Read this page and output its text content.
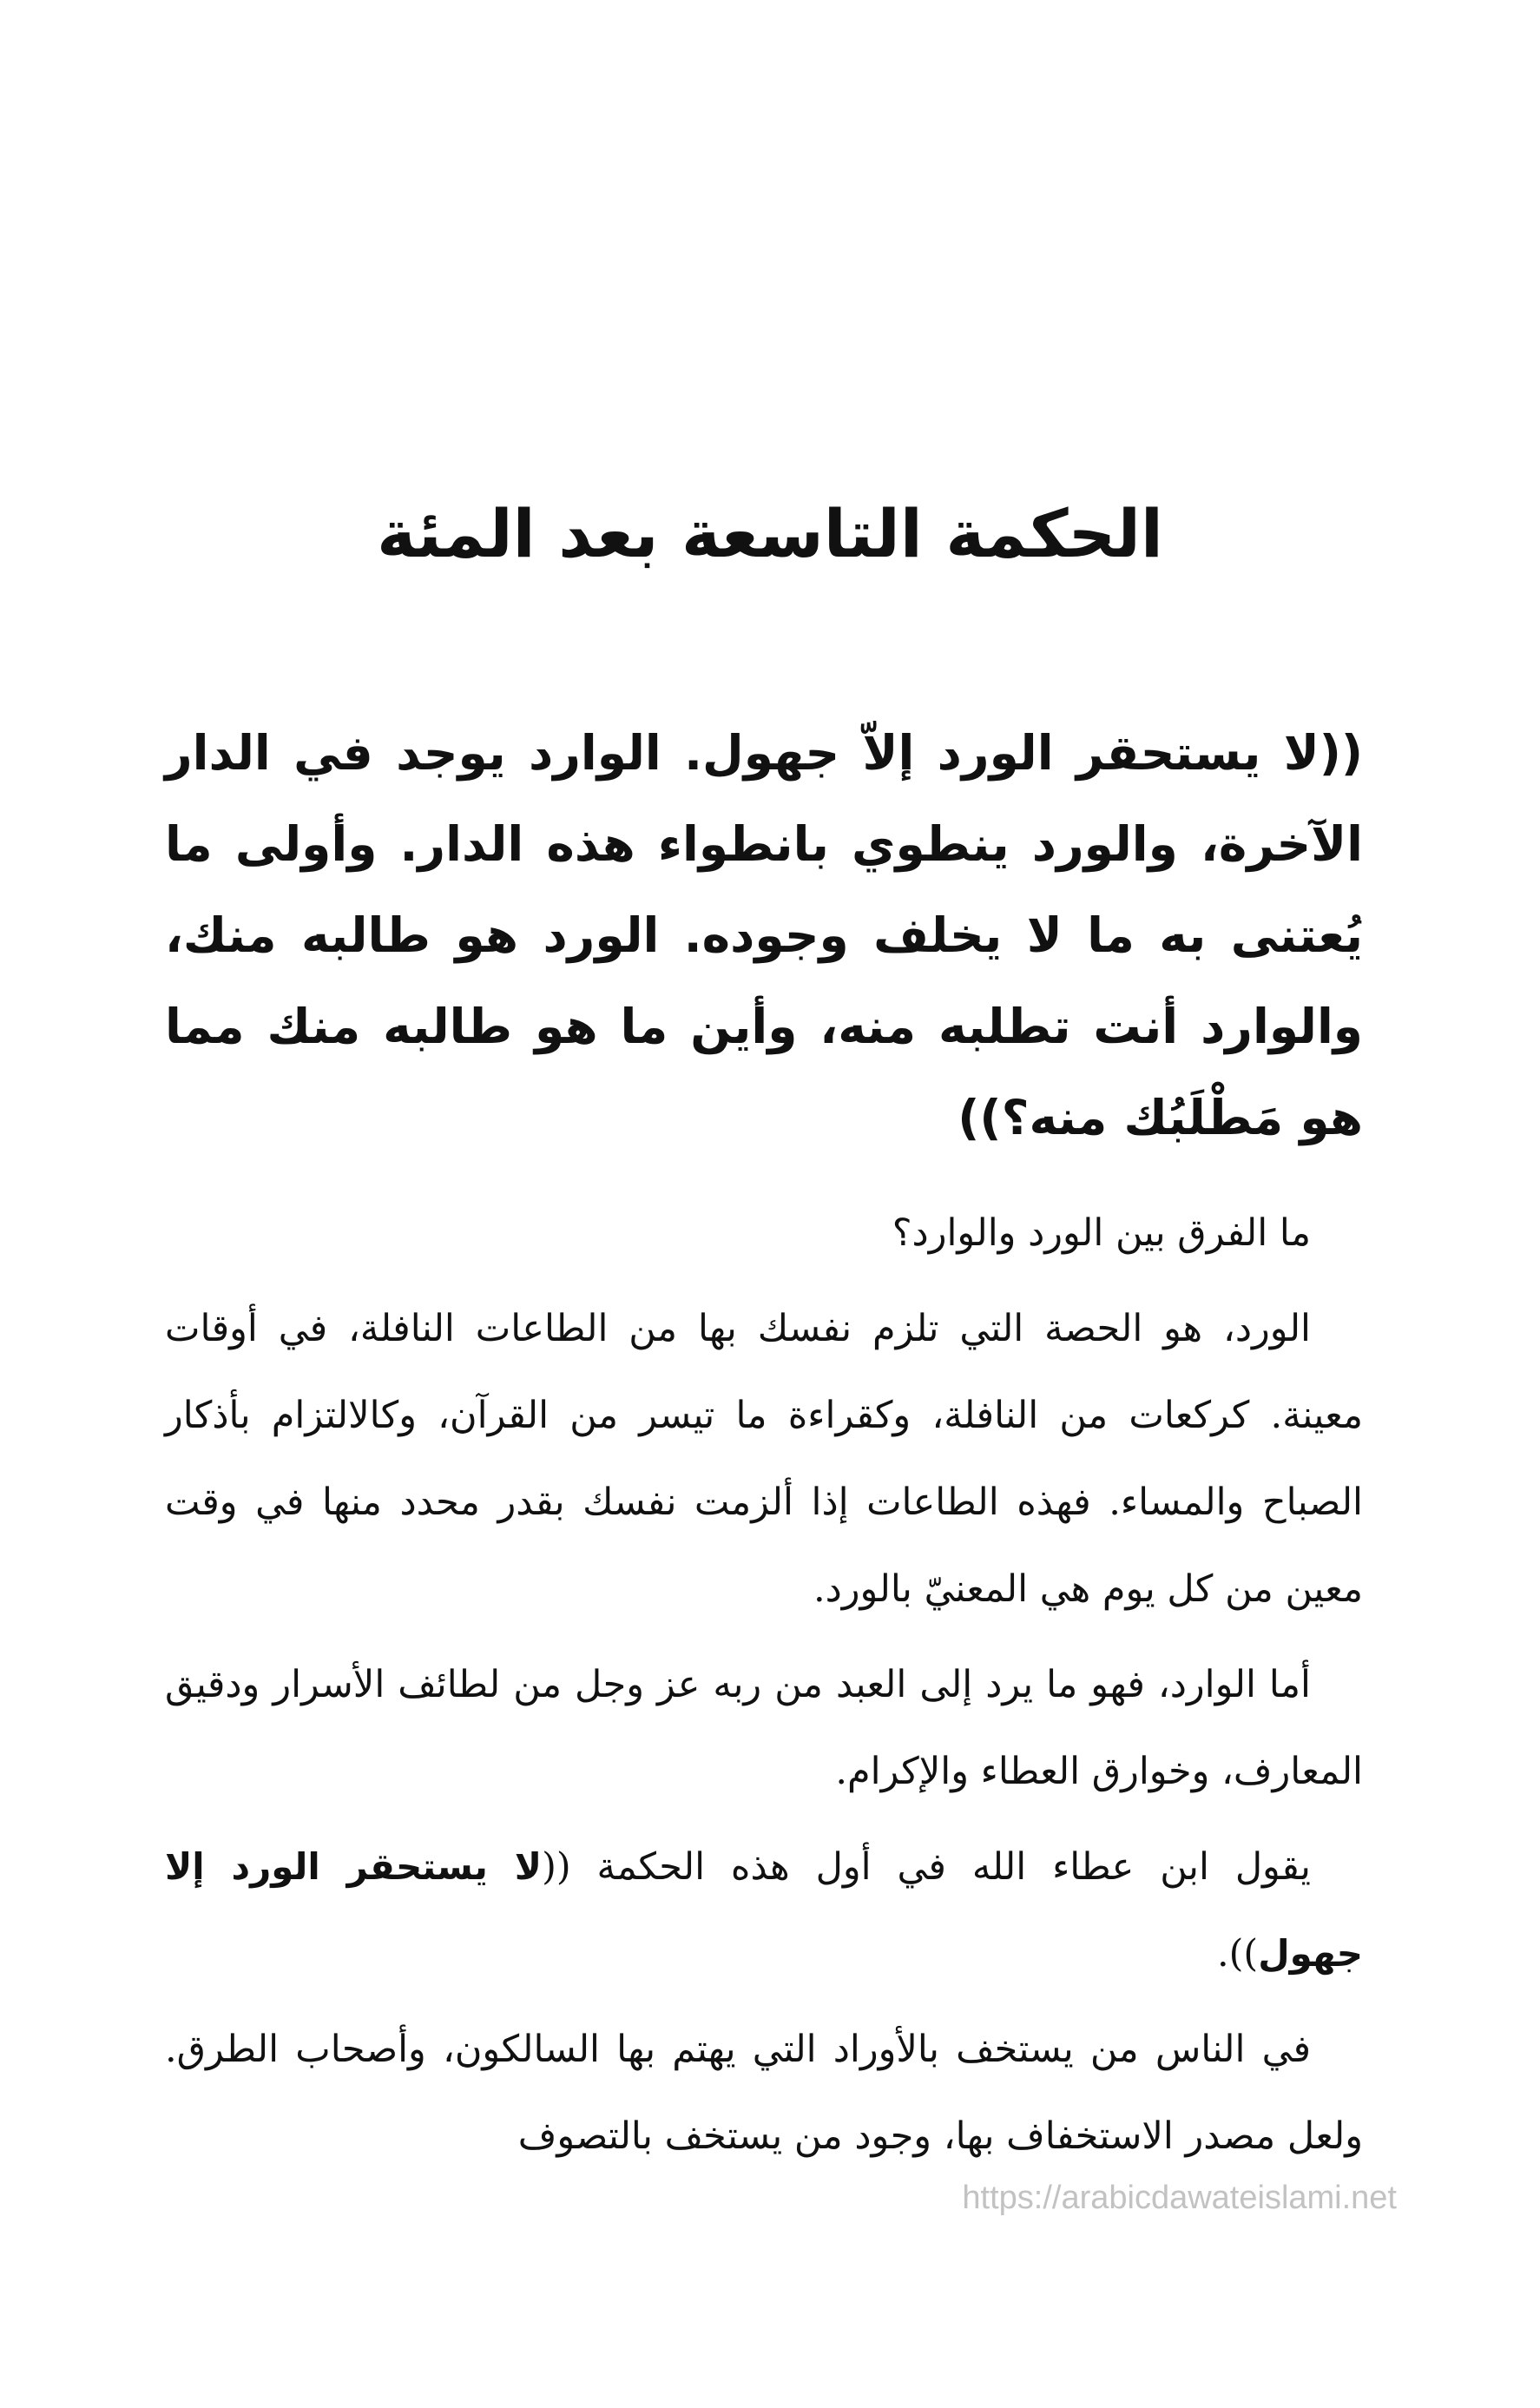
الحكمة التاسعة بعد المئة
((لا يستحقر الورد إلاّ جهول. الوارد يوجد في الدار الآخرة، والورد ينطوي بانطواء هذه الدار. وأولى ما يُعتنى به ما لا يخلف وجوده. الورد هو طالبه منك، والوارد أنت تطلبه منه، وأين ما هو طالبه منك مما هو مَطْلَبُك منه؟))

ما الفرق بين الورد والوارد؟

الورد، هو الحصة التي تلزم نفسك بها من الطاعات النافلة، في أوقات معينة. كركعات من النافلة، وكقراءة ما تيسر من القرآن، وكالالتزام بأذكار الصباح والمساء. فهذه الطاعات إذا ألزمت نفسك بقدر محدد منها في وقت معين من كل يوم هي المعنيّ بالورد.

أما الوارد، فهو ما يرد إلى العبد من ربه عز وجل من لطائف الأسرار ودقيق المعارف، وخوارق العطاء والإكرام.

يقول ابن عطاء الله في أول هذه الحكمة ((لا يستحقر الورد إلا جهول)).

في الناس من يستخف بالأوراد التي يهتم بها السالكون، وأصحاب الطرق. ولعل مصدر الاستخفاف بها، وجود من يستخف بالتصوف

https://arabicdawateislami.net
